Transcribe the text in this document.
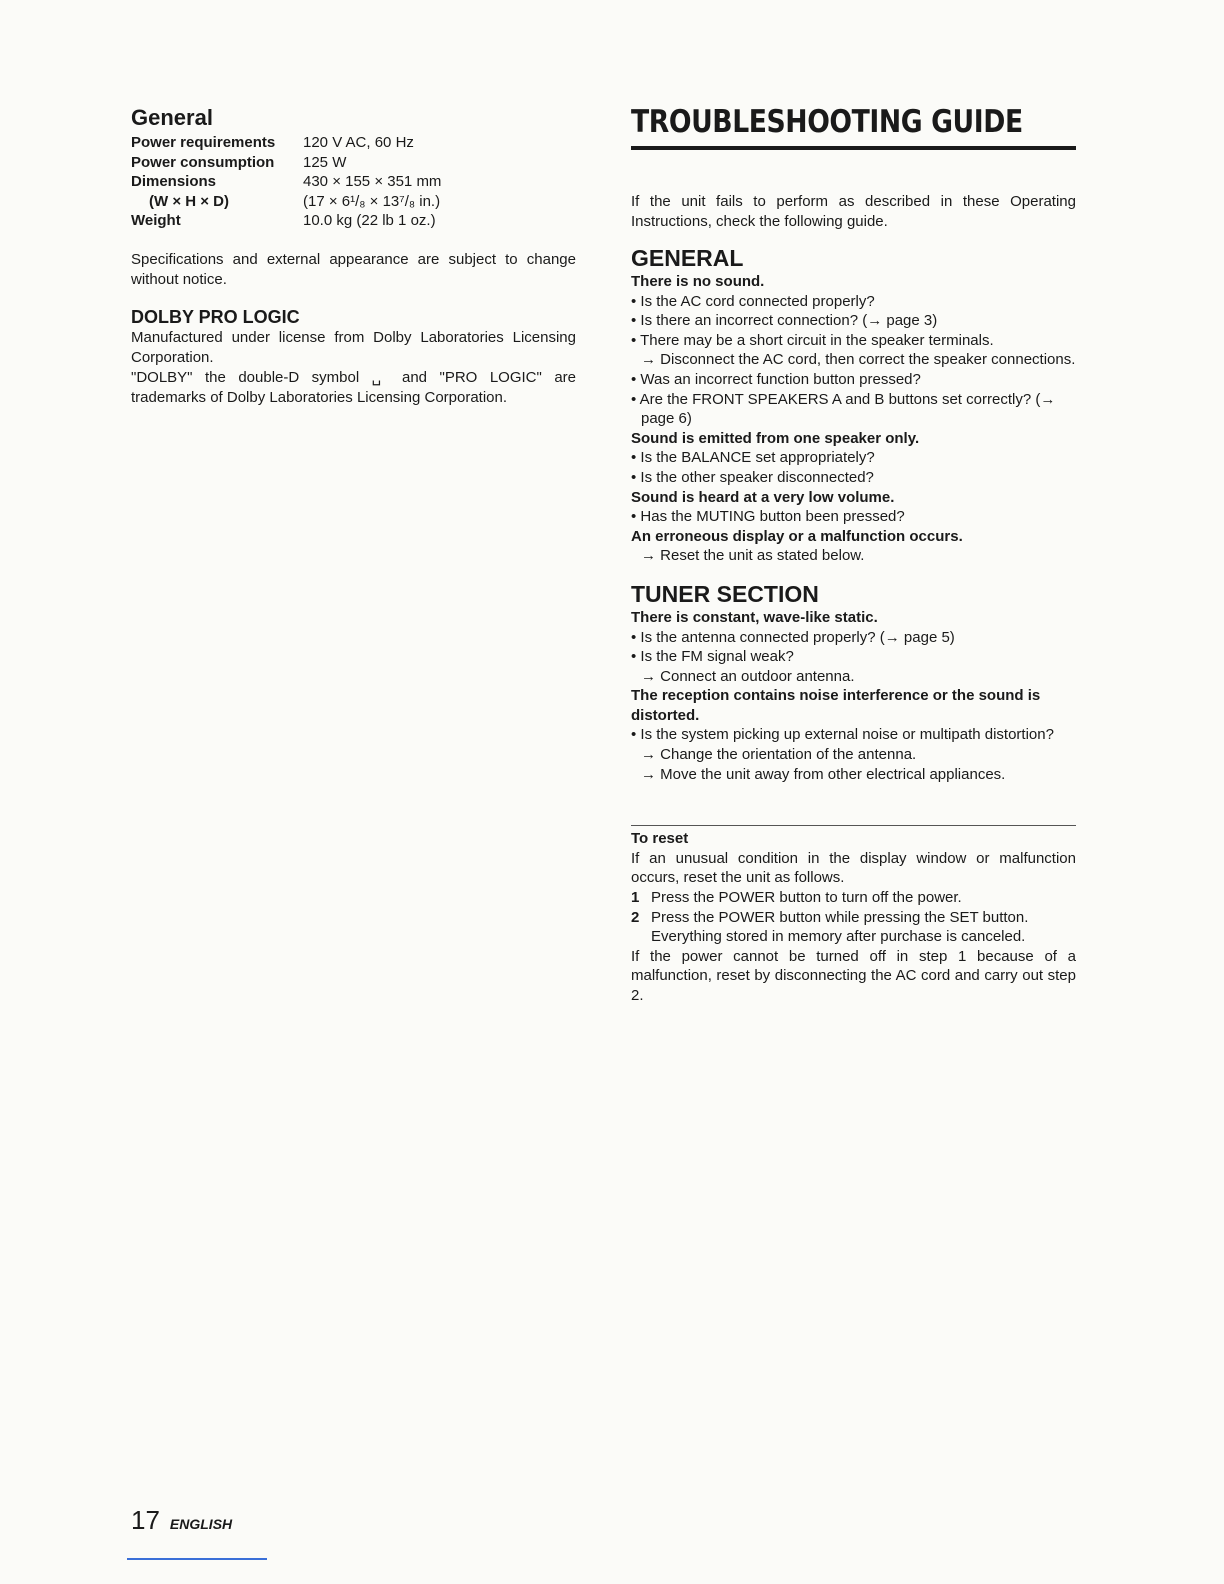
General
Power requirements	120 V AC, 60 Hz
Power consumption	125 W
Dimensions	430 × 155 × 351 mm
(W × H × D)	(17 × 6¹/₈ × 13⁷/₈ in.)
Weight	10.0 kg (22 lb 1 oz.)

Specifications and external appearance are subject to change without notice.

DOLBY PRO LOGIC

Manufactured under license from Dolby Laboratories Licensing Corporation.

"DOLBY" the double-D symbol ␣ and "PRO LOGIC" are trademarks of Dolby Laboratories Licensing Corporation.

TROUBLESHOOTING GUIDE

If the unit fails to perform as described in these Operating Instructions, check the following guide.

GENERAL

There is no sound.

• Is the AC cord connected properly?

• Is there an incorrect connection? (→ page 3)

• There may be a short circuit in the speaker terminals.

→ Disconnect the AC cord, then correct the speaker connections.

• Was an incorrect function button pressed?

• Are the FRONT SPEAKERS A and B buttons set correctly? (→ page 6)

Sound is emitted from one speaker only.

• Is the BALANCE set appropriately?

• Is the other speaker disconnected?

Sound is heard at a very low volume.

• Has the MUTING button been pressed?

An erroneous display or a malfunction occurs.

→ Reset the unit as stated below.

TUNER SECTION

There is constant, wave-like static.

• Is the antenna connected properly? (→ page 5)

• Is the FM signal weak?

→ Connect an outdoor antenna.

The reception contains noise interference or the sound is distorted.

• Is the system picking up external noise or multipath distortion?

→ Change the orientation of the antenna.

→ Move the unit away from other electrical appliances.

To reset

If an unusual condition in the display window or malfunction occurs, reset the unit as follows.

1 Press the POWER button to turn off the power.
2 Press the POWER button while pressing the SET button. Everything stored in memory after purchase is canceled.

If the power cannot be turned off in step 1 because of a malfunction, reset by disconnecting the AC cord and carry out step 2.

17 ENGLISH
